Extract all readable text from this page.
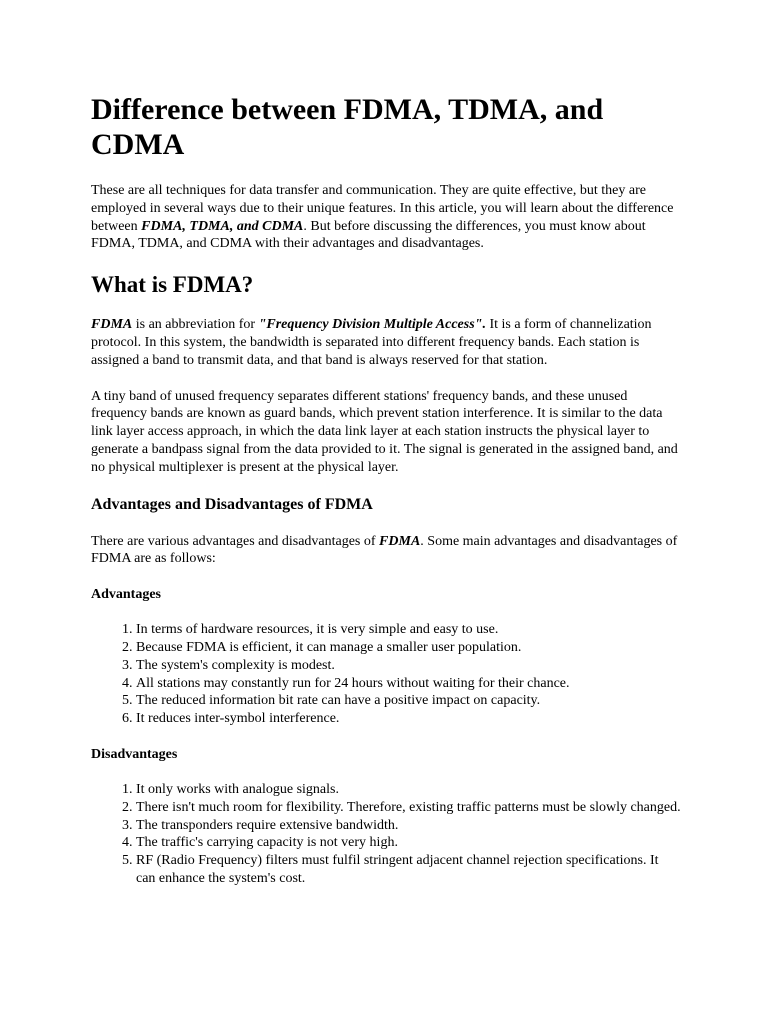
Difference between FDMA, TDMA, and CDMA

These are all techniques for data transfer and communication. They are quite effective, but they are employed in several ways due to their unique features. In this article, you will learn about the difference between FDMA, TDMA, and CDMA. But before discussing the differences, you must know about FDMA, TDMA, and CDMA with their advantages and disadvantages.

What is FDMA?

FDMA is an abbreviation for "Frequency Division Multiple Access". It is a form of channelization protocol. In this system, the bandwidth is separated into different frequency bands. Each station is assigned a band to transmit data, and that band is always reserved for that station.

A tiny band of unused frequency separates different stations' frequency bands, and these unused frequency bands are known as guard bands, which prevent station interference. It is similar to the data link layer access approach, in which the data link layer at each station instructs the physical layer to generate a bandpass signal from the data provided to it. The signal is generated in the assigned band, and no physical multiplexer is present at the physical layer.

Advantages and Disadvantages of FDMA

There are various advantages and disadvantages of FDMA. Some main advantages and disadvantages of FDMA are as follows:

Advantages
1. In terms of hardware resources, it is very simple and easy to use.
2. Because FDMA is efficient, it can manage a smaller user population.
3. The system's complexity is modest.
4. All stations may constantly run for 24 hours without waiting for their chance.
5. The reduced information bit rate can have a positive impact on capacity.
6. It reduces inter-symbol interference.
Disadvantages
1. It only works with analogue signals.
2. There isn't much room for flexibility. Therefore, existing traffic patterns must be slowly changed.
3. The transponders require extensive bandwidth.
4. The traffic's carrying capacity is not very high.
5. RF (Radio Frequency) filters must fulfil stringent adjacent channel rejection specifications. It can enhance the system's cost.
